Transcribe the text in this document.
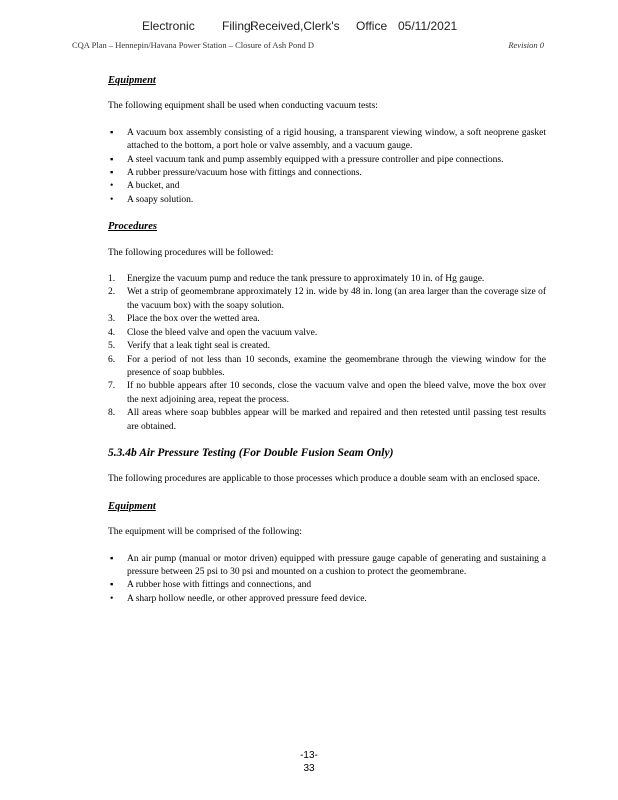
Electronic Filing:
Received,Clerk's Office 05/11/2021
CQA Plan – Hennepin/Havana Power Station – Closure of Ash Pond D	Revision 0

Equipment

The following equipment shall be used when conducting vacuum tests:

▪ A vacuum box assembly consisting of a rigid housing, a transparent viewing window, a soft neoprene gasket attached to the bottom, a port hole or valve assembly, and a vacuum gauge.
▪ A steel vacuum tank and pump assembly equipped with a pressure controller and pipe connections.
▪ A rubber pressure/vacuum hose with fittings and connections.
• A bucket, and
• A soapy solution.

Procedures

The following procedures will be followed:

1. Energize the vacuum pump and reduce the tank pressure to approximately 10 in. of Hg gauge.
2. Wet a strip of geomembrane approximately 12 in. wide by 48 in. long (an area larger than the coverage size of the vacuum box) with the soapy solution.
3. Place the box over the wetted area.
4. Close the bleed valve and open the vacuum valve.
5. Verify that a leak tight seal is created.
6. For a period of not less than 10 seconds, examine the geomembrane through the viewing window for the presence of soap bubbles.
7. If no bubble appears after 10 seconds, close the vacuum valve and open the bleed valve, move the box over the next adjoining area, repeat the process.
8. All areas where soap bubbles appear will be marked and repaired and then retested until passing test results are obtained.

5.3.4b Air Pressure Testing (For Double Fusion Seam Only)

The following procedures are applicable to those processes which produce a double seam with an enclosed space.

Equipment

The equipment will be comprised of the following:

▪ An air pump (manual or motor driven) equipped with pressure gauge capable of generating and sustaining a pressure between 25 psi to 30 psi and mounted on a cushion to protect the geomembrane.
▪ A rubber hose with fittings and connections, and
• A sharp hollow needle, or other approved pressure feed device.
-13-
33
